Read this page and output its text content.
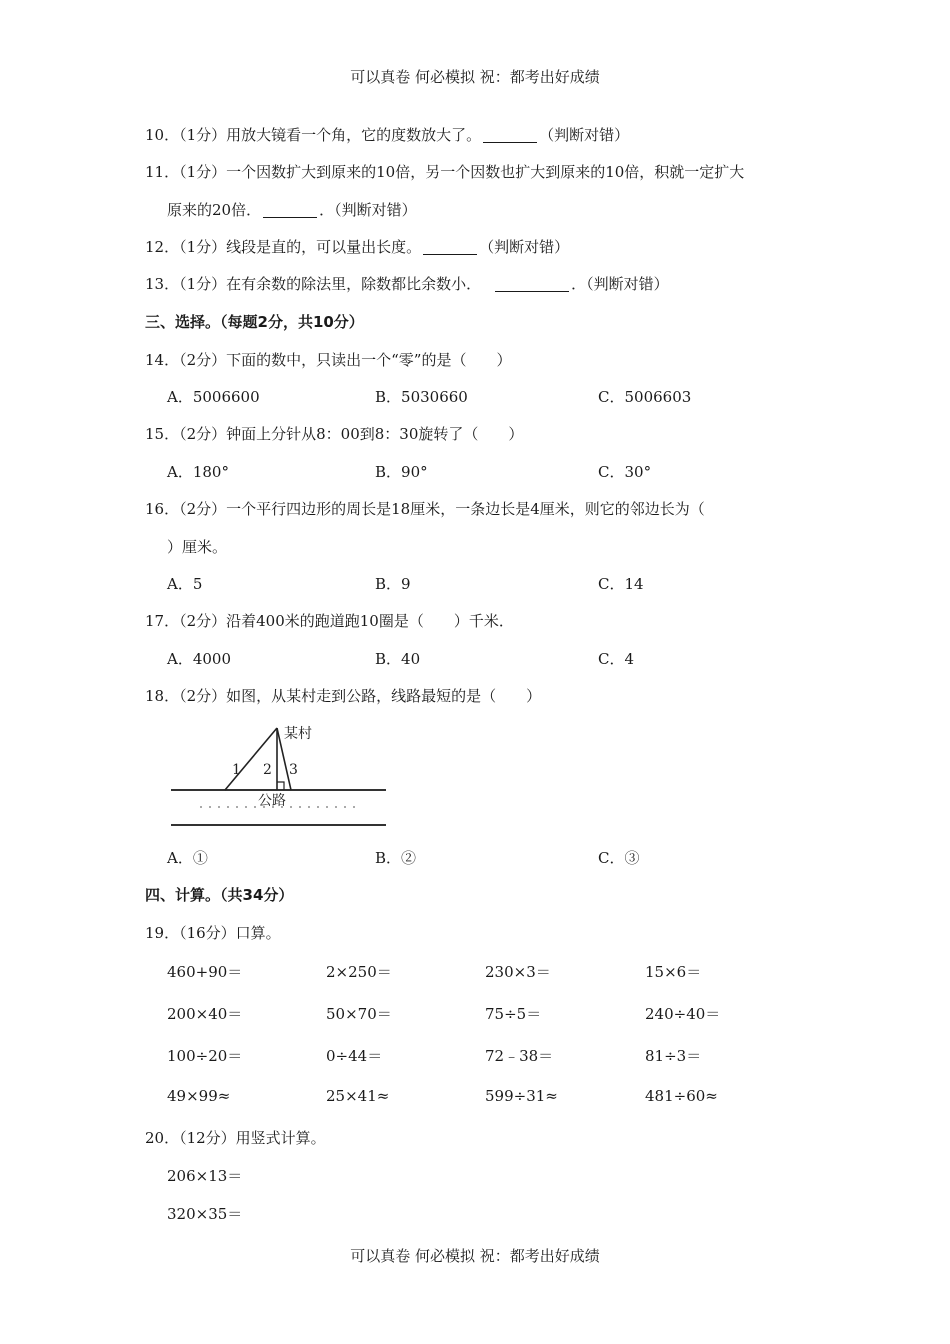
可以真卷 何必模拟 祝：都考出好成绩
10．（1分）用放大镜看一个角，它的度数放大了。	（判断对错）
11．（1分）一个因数扩大到原来的10倍，另一个因数也扩大到原来的10倍，积就一定扩大
原来的20倍．	．（判断对错）
12．（1分）线段是直的，可以量出长度。	（判断对错）
13．（1分）在有余数的除法里，除数都比余数小．	．（判断对错）
三、选择。（每题2分，共10分）
14．（2分）下面的数中，只读出一个“零”的是（　　）
A．5006600	B．5030660	C．5006603
15．（2分）钟面上分针从8：00到8：30旋转了（　　）
A．180°	B．90°	C．30°
16．（2分）一个平行四边形的周长是18厘米，一条边长是4厘米，则它的邻边长为（
）厘米。
A．5	B．9	C．14
17．（2分）沿着400米的跑道跑10圈是（　　）千米．
A．4000	B．40	C．4
18．（2分）如图，从某村走到公路，线路最短的是（　　）
某村
1 2 3
公路
A．①	B．②	C．③
四、计算。（共34分）
19．（16分）口算。
460+90＝	2×250＝	230×3＝	15×6＝
200×40＝	50×70＝	75÷5＝	240÷40＝
100÷20＝	0÷44＝	72﹣38＝	81÷3＝
49×99≈	25×41≈	599÷31≈	481÷60≈
20．（12分）用竖式计算。
206×13＝
320×35＝
可以真卷 何必模拟 祝：都考出好成绩
